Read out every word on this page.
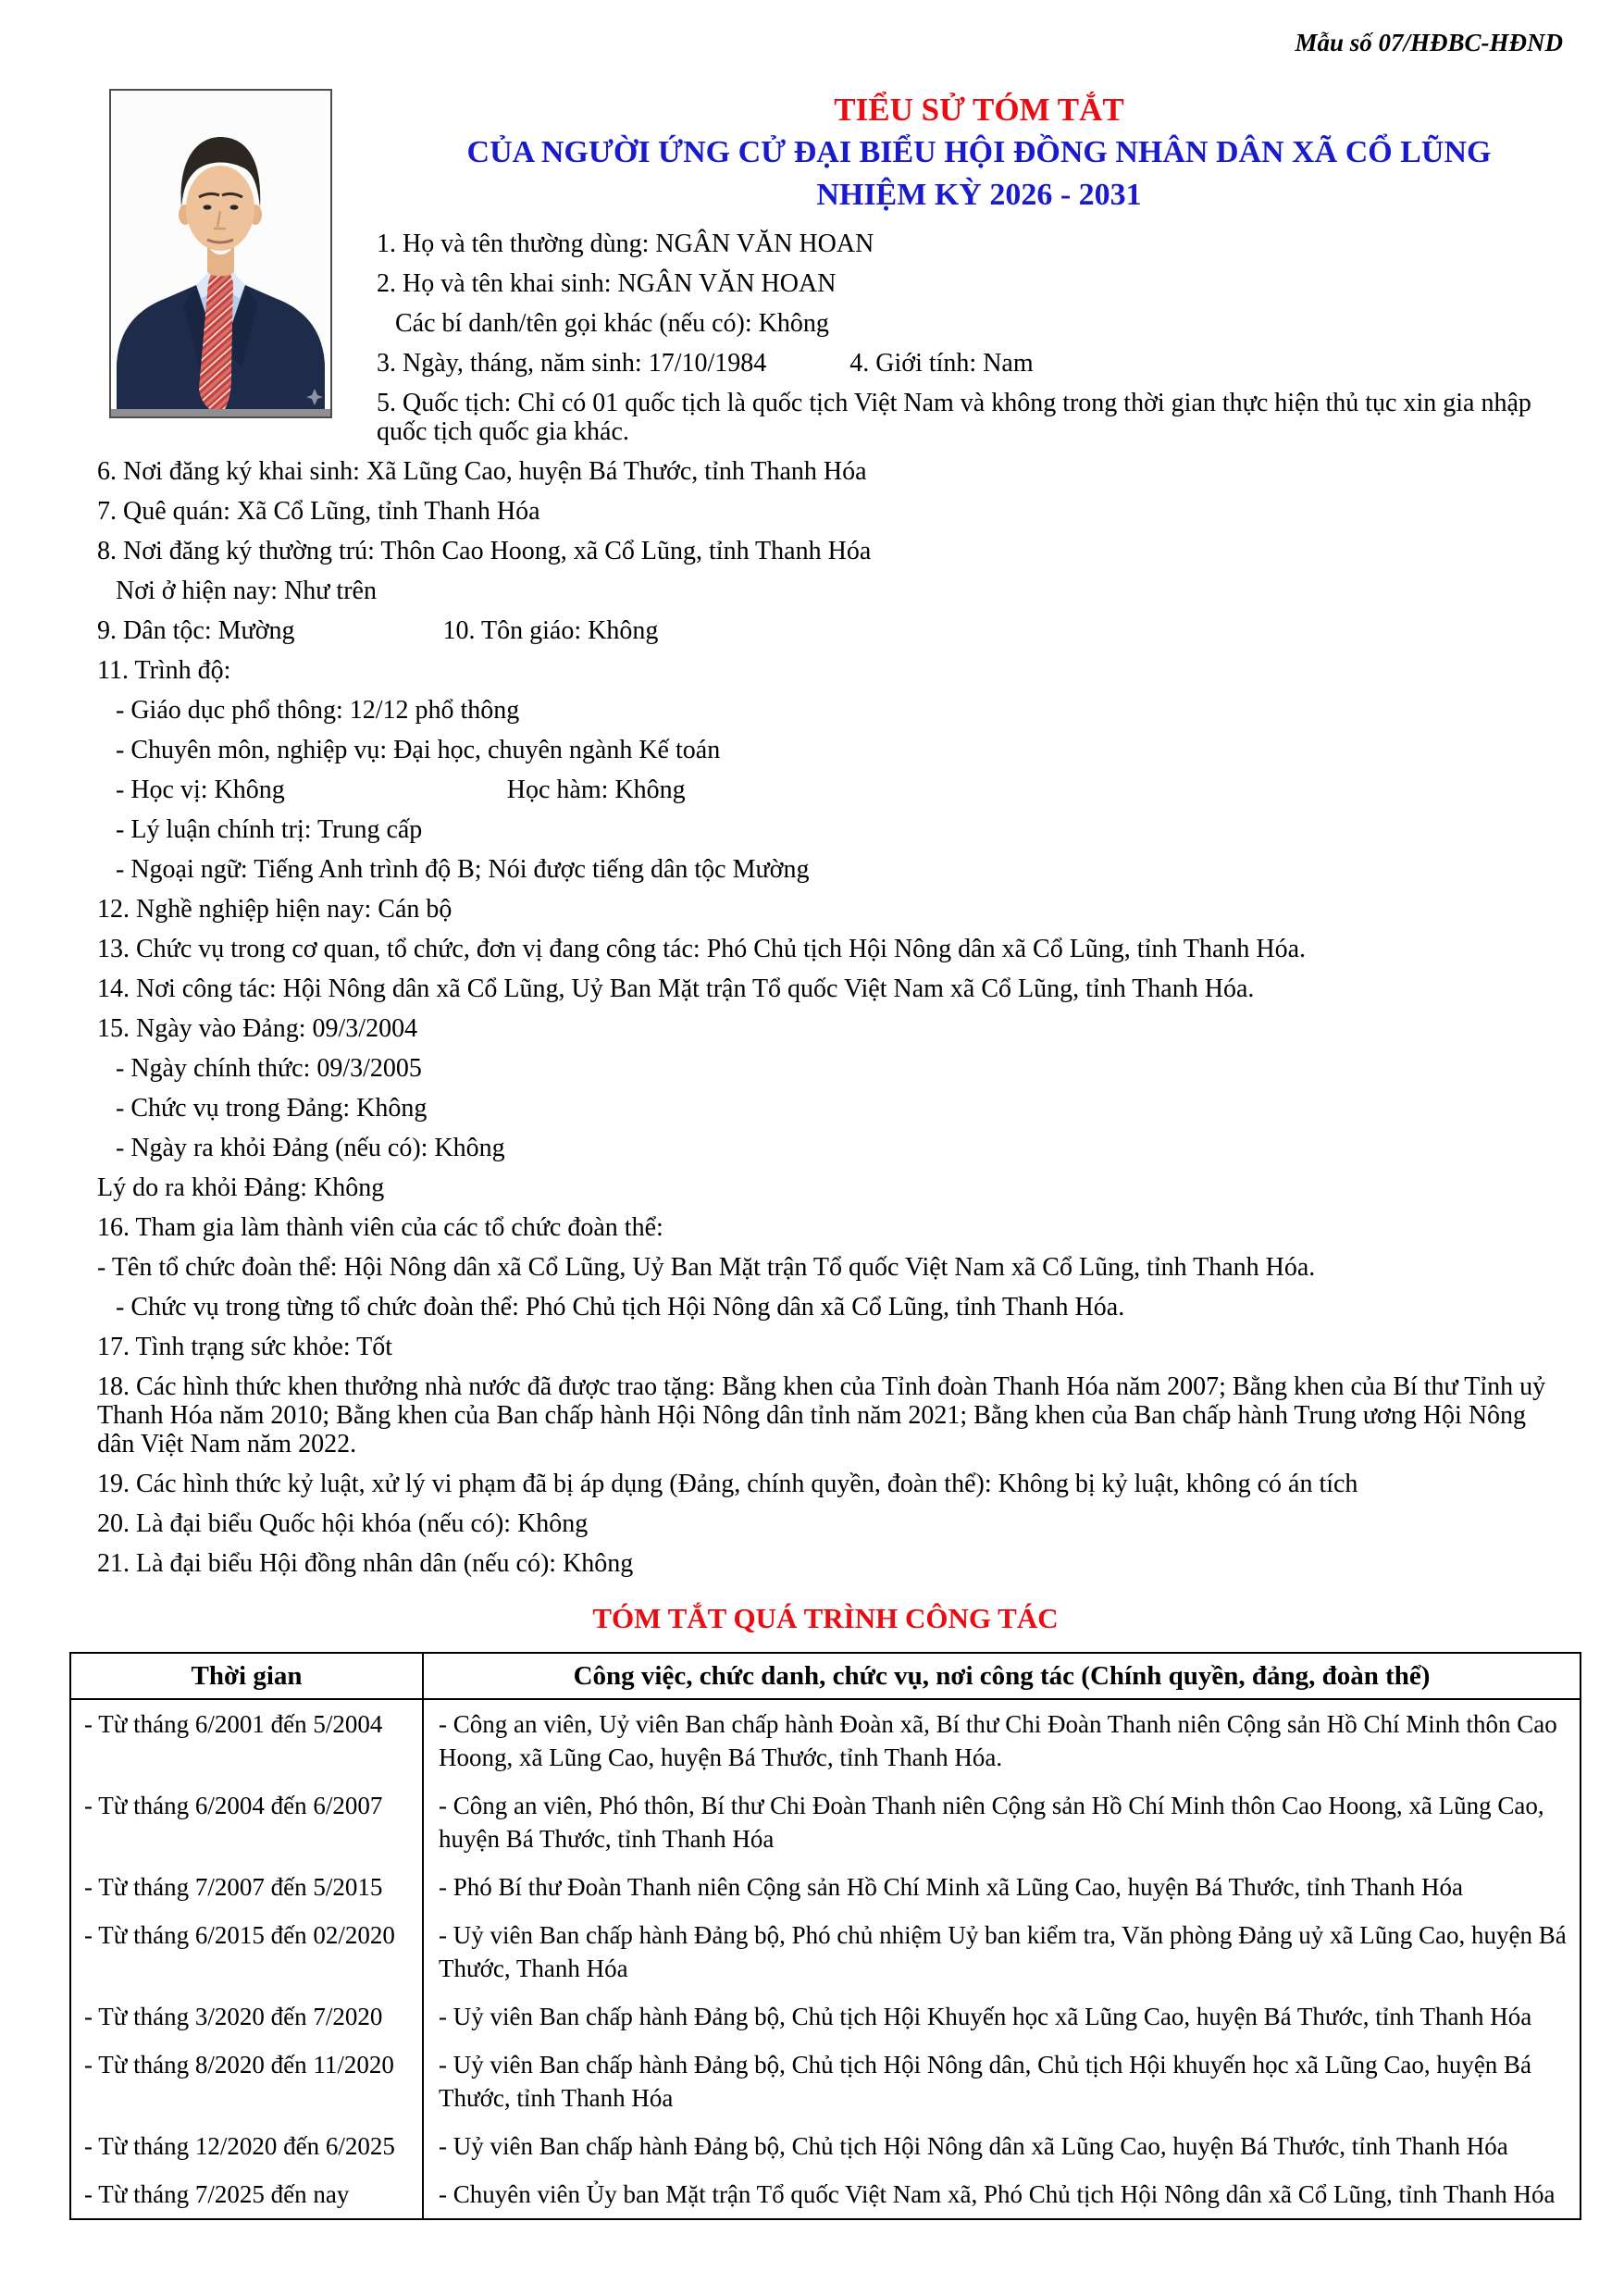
Mẫu số 07/HĐBC-HĐND
TIỂU SỬ TÓM TẮT
CỦA NGƯỜI ỨNG CỬ ĐẠI BIỂU HỘI ĐỒNG NHÂN DÂN XÃ CỔ LŨNG
NHIỆM KỲ 2026 - 2031

1. Họ và tên thường dùng: NGÂN VĂN HOAN

2. Họ và tên khai sinh: NGÂN VĂN HOAN

Các bí danh/tên gọi khác (nếu có): Không

3. Ngày, tháng, năm sinh: 17/10/1984	4. Giới tính: Nam

5. Quốc tịch: Chỉ có 01 quốc tịch là quốc tịch Việt Nam và không trong thời gian thực hiện thủ tục xin gia nhập quốc tịch quốc gia khác.

6. Nơi đăng ký khai sinh: Xã Lũng Cao, huyện Bá Thước, tỉnh Thanh Hóa

7. Quê quán: Xã Cổ Lũng, tỉnh Thanh Hóa

8. Nơi đăng ký thường trú: Thôn Cao Hoong, xã Cổ Lũng, tỉnh Thanh Hóa

Nơi ở hiện nay: Như trên

9. Dân tộc: Mường	10. Tôn giáo: Không

11. Trình độ:

- Giáo dục phổ thông: 12/12 phổ thông

- Chuyên môn, nghiệp vụ: Đại học, chuyên ngành Kế toán

- Học vị: Không	Học hàm: Không

- Lý luận chính trị: Trung cấp

- Ngoại ngữ: Tiếng Anh trình độ B; Nói được tiếng dân tộc Mường

12. Nghề nghiệp hiện nay: Cán bộ

13. Chức vụ trong cơ quan, tổ chức, đơn vị đang công tác: Phó Chủ tịch Hội Nông dân xã Cổ Lũng, tỉnh Thanh Hóa.

14. Nơi công tác: Hội Nông dân xã Cổ Lũng, Uỷ Ban Mặt trận Tổ quốc Việt Nam xã Cổ Lũng, tỉnh Thanh Hóa.

15. Ngày vào Đảng: 09/3/2004

- Ngày chính thức: 09/3/2005

- Chức vụ trong Đảng: Không

- Ngày ra khỏi Đảng (nếu có): Không

Lý do ra khỏi Đảng: Không

16. Tham gia làm thành viên của các tổ chức đoàn thể:

- Tên tổ chức đoàn thể: Hội Nông dân xã Cổ Lũng, Uỷ Ban Mặt trận Tổ quốc Việt Nam xã Cổ Lũng, tỉnh Thanh Hóa.

- Chức vụ trong từng tổ chức đoàn thể: Phó Chủ tịch Hội Nông dân xã Cổ Lũng, tỉnh Thanh Hóa.

17. Tình trạng sức khỏe: Tốt

18. Các hình thức khen thưởng nhà nước đã được trao tặng: Bằng khen của Tỉnh đoàn Thanh Hóa năm 2007; Bằng khen của Bí thư Tỉnh uỷ Thanh Hóa năm 2010; Bằng khen của Ban chấp hành Hội Nông dân tỉnh năm 2021; Bằng khen của Ban chấp hành Trung ương Hội Nông dân Việt Nam năm 2022.

19. Các hình thức kỷ luật, xử lý vi phạm đã bị áp dụng (Đảng, chính quyền, đoàn thể): Không bị kỷ luật, không có án tích

20. Là đại biểu Quốc hội khóa (nếu có): Không

21. Là đại biểu Hội đồng nhân dân (nếu có): Không

TÓM TẮT QUÁ TRÌNH CÔNG TÁC
Thời gian	Công việc, chức danh, chức vụ, nơi công tác (Chính quyền, đảng, đoàn thể)
- Từ tháng 6/2001 đến 5/2004	- Công an viên, Uỷ viên Ban chấp hành Đoàn xã, Bí thư Chi Đoàn Thanh niên Cộng sản Hồ Chí Minh thôn Cao Hoong, xã Lũng Cao, huyện Bá Thước, tỉnh Thanh Hóa.
- Từ tháng 6/2004 đến 6/2007	- Công an viên, Phó thôn, Bí thư Chi Đoàn Thanh niên Cộng sản Hồ Chí Minh thôn Cao Hoong, xã Lũng Cao, huyện Bá Thước, tỉnh Thanh Hóa
- Từ tháng 7/2007 đến 5/2015	- Phó Bí thư Đoàn Thanh niên Cộng sản Hồ Chí Minh xã Lũng Cao, huyện Bá Thước, tỉnh Thanh Hóa
- Từ tháng 6/2015 đến 02/2020	- Uỷ viên Ban chấp hành Đảng bộ, Phó chủ nhiệm Uỷ ban kiểm tra, Văn phòng Đảng uỷ xã Lũng Cao, huyện Bá Thước, Thanh Hóa
- Từ tháng 3/2020 đến 7/2020	- Uỷ viên Ban chấp hành Đảng bộ, Chủ tịch Hội Khuyến học xã Lũng Cao, huyện Bá Thước, tỉnh Thanh Hóa
- Từ tháng 8/2020 đến 11/2020	- Uỷ viên Ban chấp hành Đảng bộ, Chủ tịch Hội Nông dân, Chủ tịch Hội khuyến học xã Lũng Cao, huyện Bá Thước, tỉnh Thanh Hóa
- Từ tháng 12/2020 đến 6/2025	- Uỷ viên Ban chấp hành Đảng bộ, Chủ tịch Hội Nông dân xã Lũng Cao, huyện Bá Thước, tỉnh Thanh Hóa
- Từ tháng 7/2025 đến nay	- Chuyên viên Ủy ban Mặt trận Tổ quốc Việt Nam xã, Phó Chủ tịch Hội Nông dân xã Cổ Lũng, tỉnh Thanh Hóa
